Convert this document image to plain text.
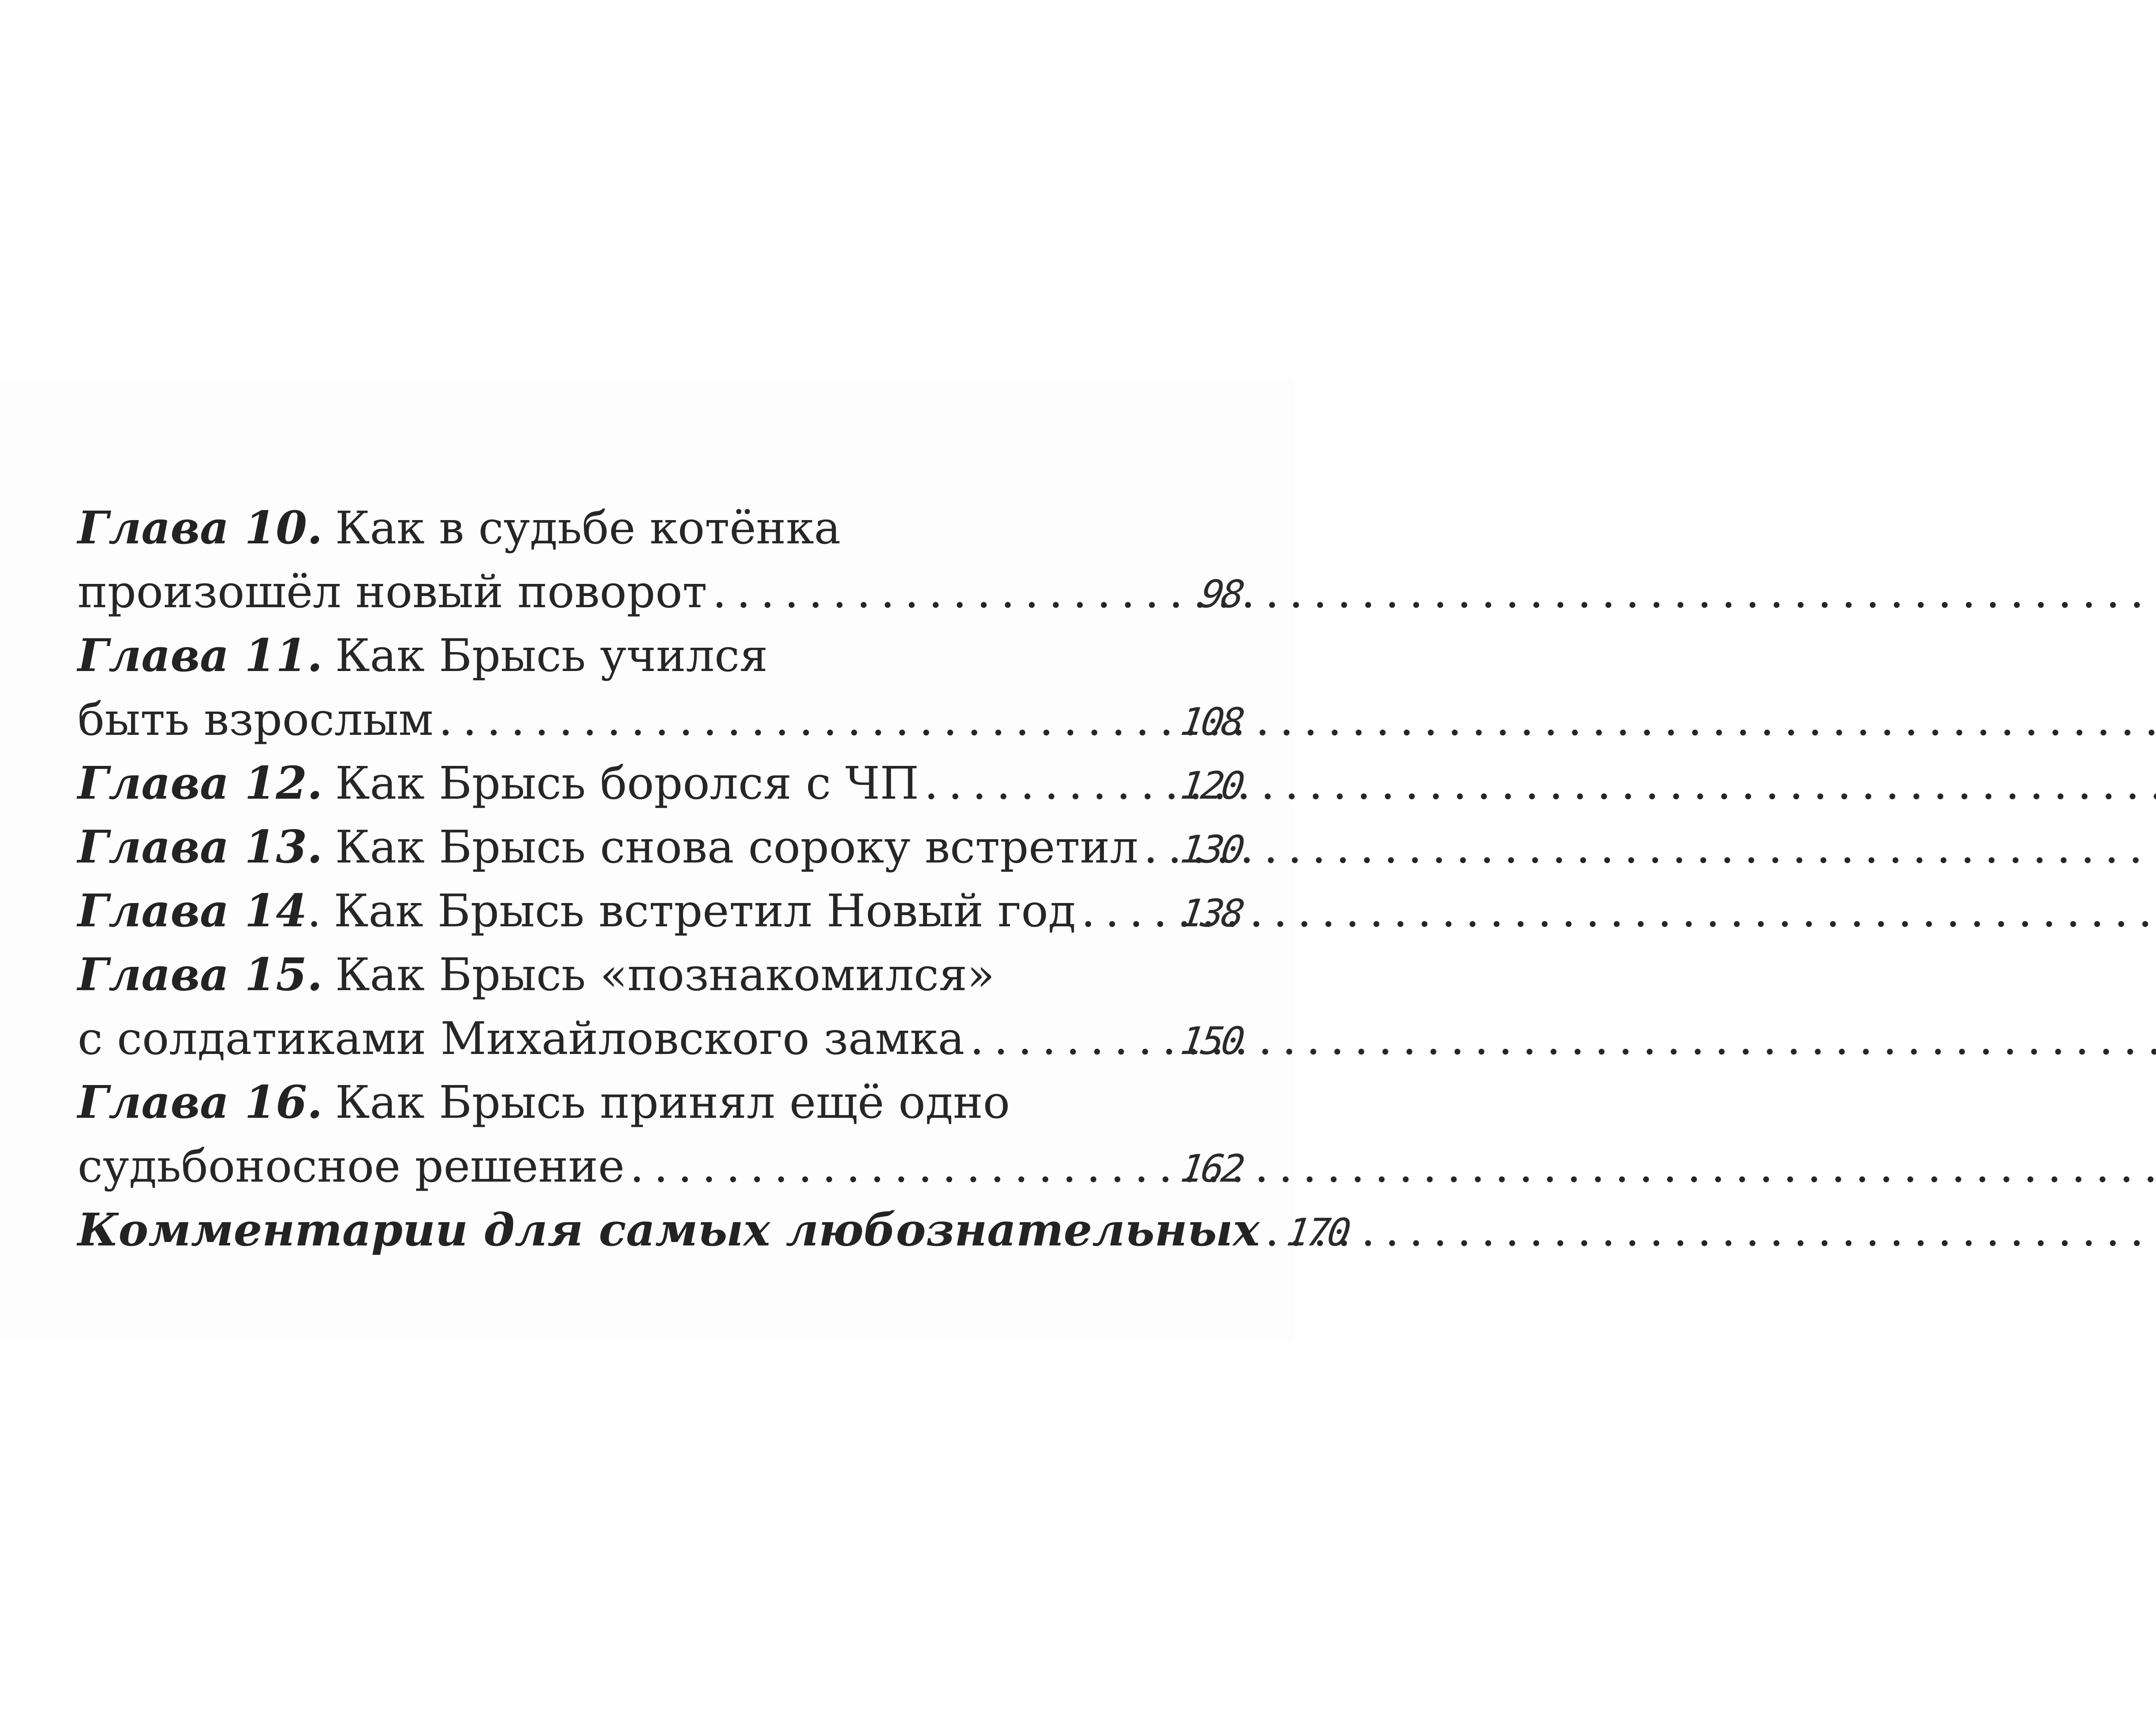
Глава 10. Как в судьбе котёнка
произошёл новый поворот . . .	98
Глава 11. Как Брысь учился
быть взрослым . . .	108
Глава 12. Как Брысь боролся с ЧП . . .	120
Глава 13. Как Брысь снова сороку встретил . . . 130
Глава 14 . Как Брысь встретил Новый год . . .	138
Глава 15. Как Брысь «познакомился»
с солдатиками Михайловского замка . . .	150
Глава 16. Как Брысь принял ещё одно
судьбоносное решение . . .	162
Комментарии для самых любознательных . . . 170
